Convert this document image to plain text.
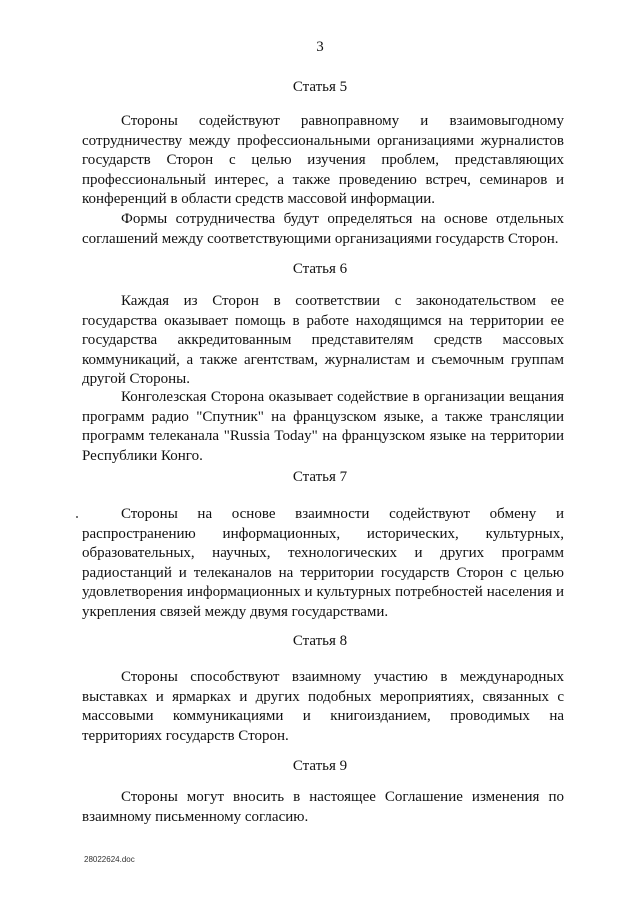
3
Статья 5

Стороны содействуют равноправному и взаимовыгодному сотрудничеству между профессиональными организациями журналистов государств Сторон с целью изучения проблем, представляющих профессиональный интерес, а также проведению встреч, семинаров и конференций в области средств массовой информации.

Формы сотрудничества будут определяться на основе отдельных соглашений между соответствующими организациями государств Сторон.

Статья 6

Каждая из Сторон в соответствии с законодательством ее государства оказывает помощь в работе находящимся на территории ее государства аккредитованным представителям средств массовых коммуникаций, а также агентствам, журналистам и съемочным группам другой Стороны.

Конголезская Сторона оказывает содействие в организации вещания программ радио "Спутник" на французском языке, а также трансляции программ телеканала "Russia Today" на французском языке на территории Республики Конго.

Статья 7

Стороны на основе взаимности содействуют обмену и распространению информационных, исторических, культурных, образовательных, научных, технологических и других программ радиостанций и телеканалов на территории государств Сторон с целью удовлетворения информационных и культурных потребностей населения и укрепления связей между двумя государствами.

Статья 8

Стороны способствуют взаимному участию в международных выставках и ярмарках и других подобных мероприятиях, связанных с массовыми коммуникациями и книгоизданием, проводимых на территориях государств Сторон.

Статья 9

Стороны могут вносить в настоящее Соглашение изменения по взаимному письменному согласию.

28022624.doc
